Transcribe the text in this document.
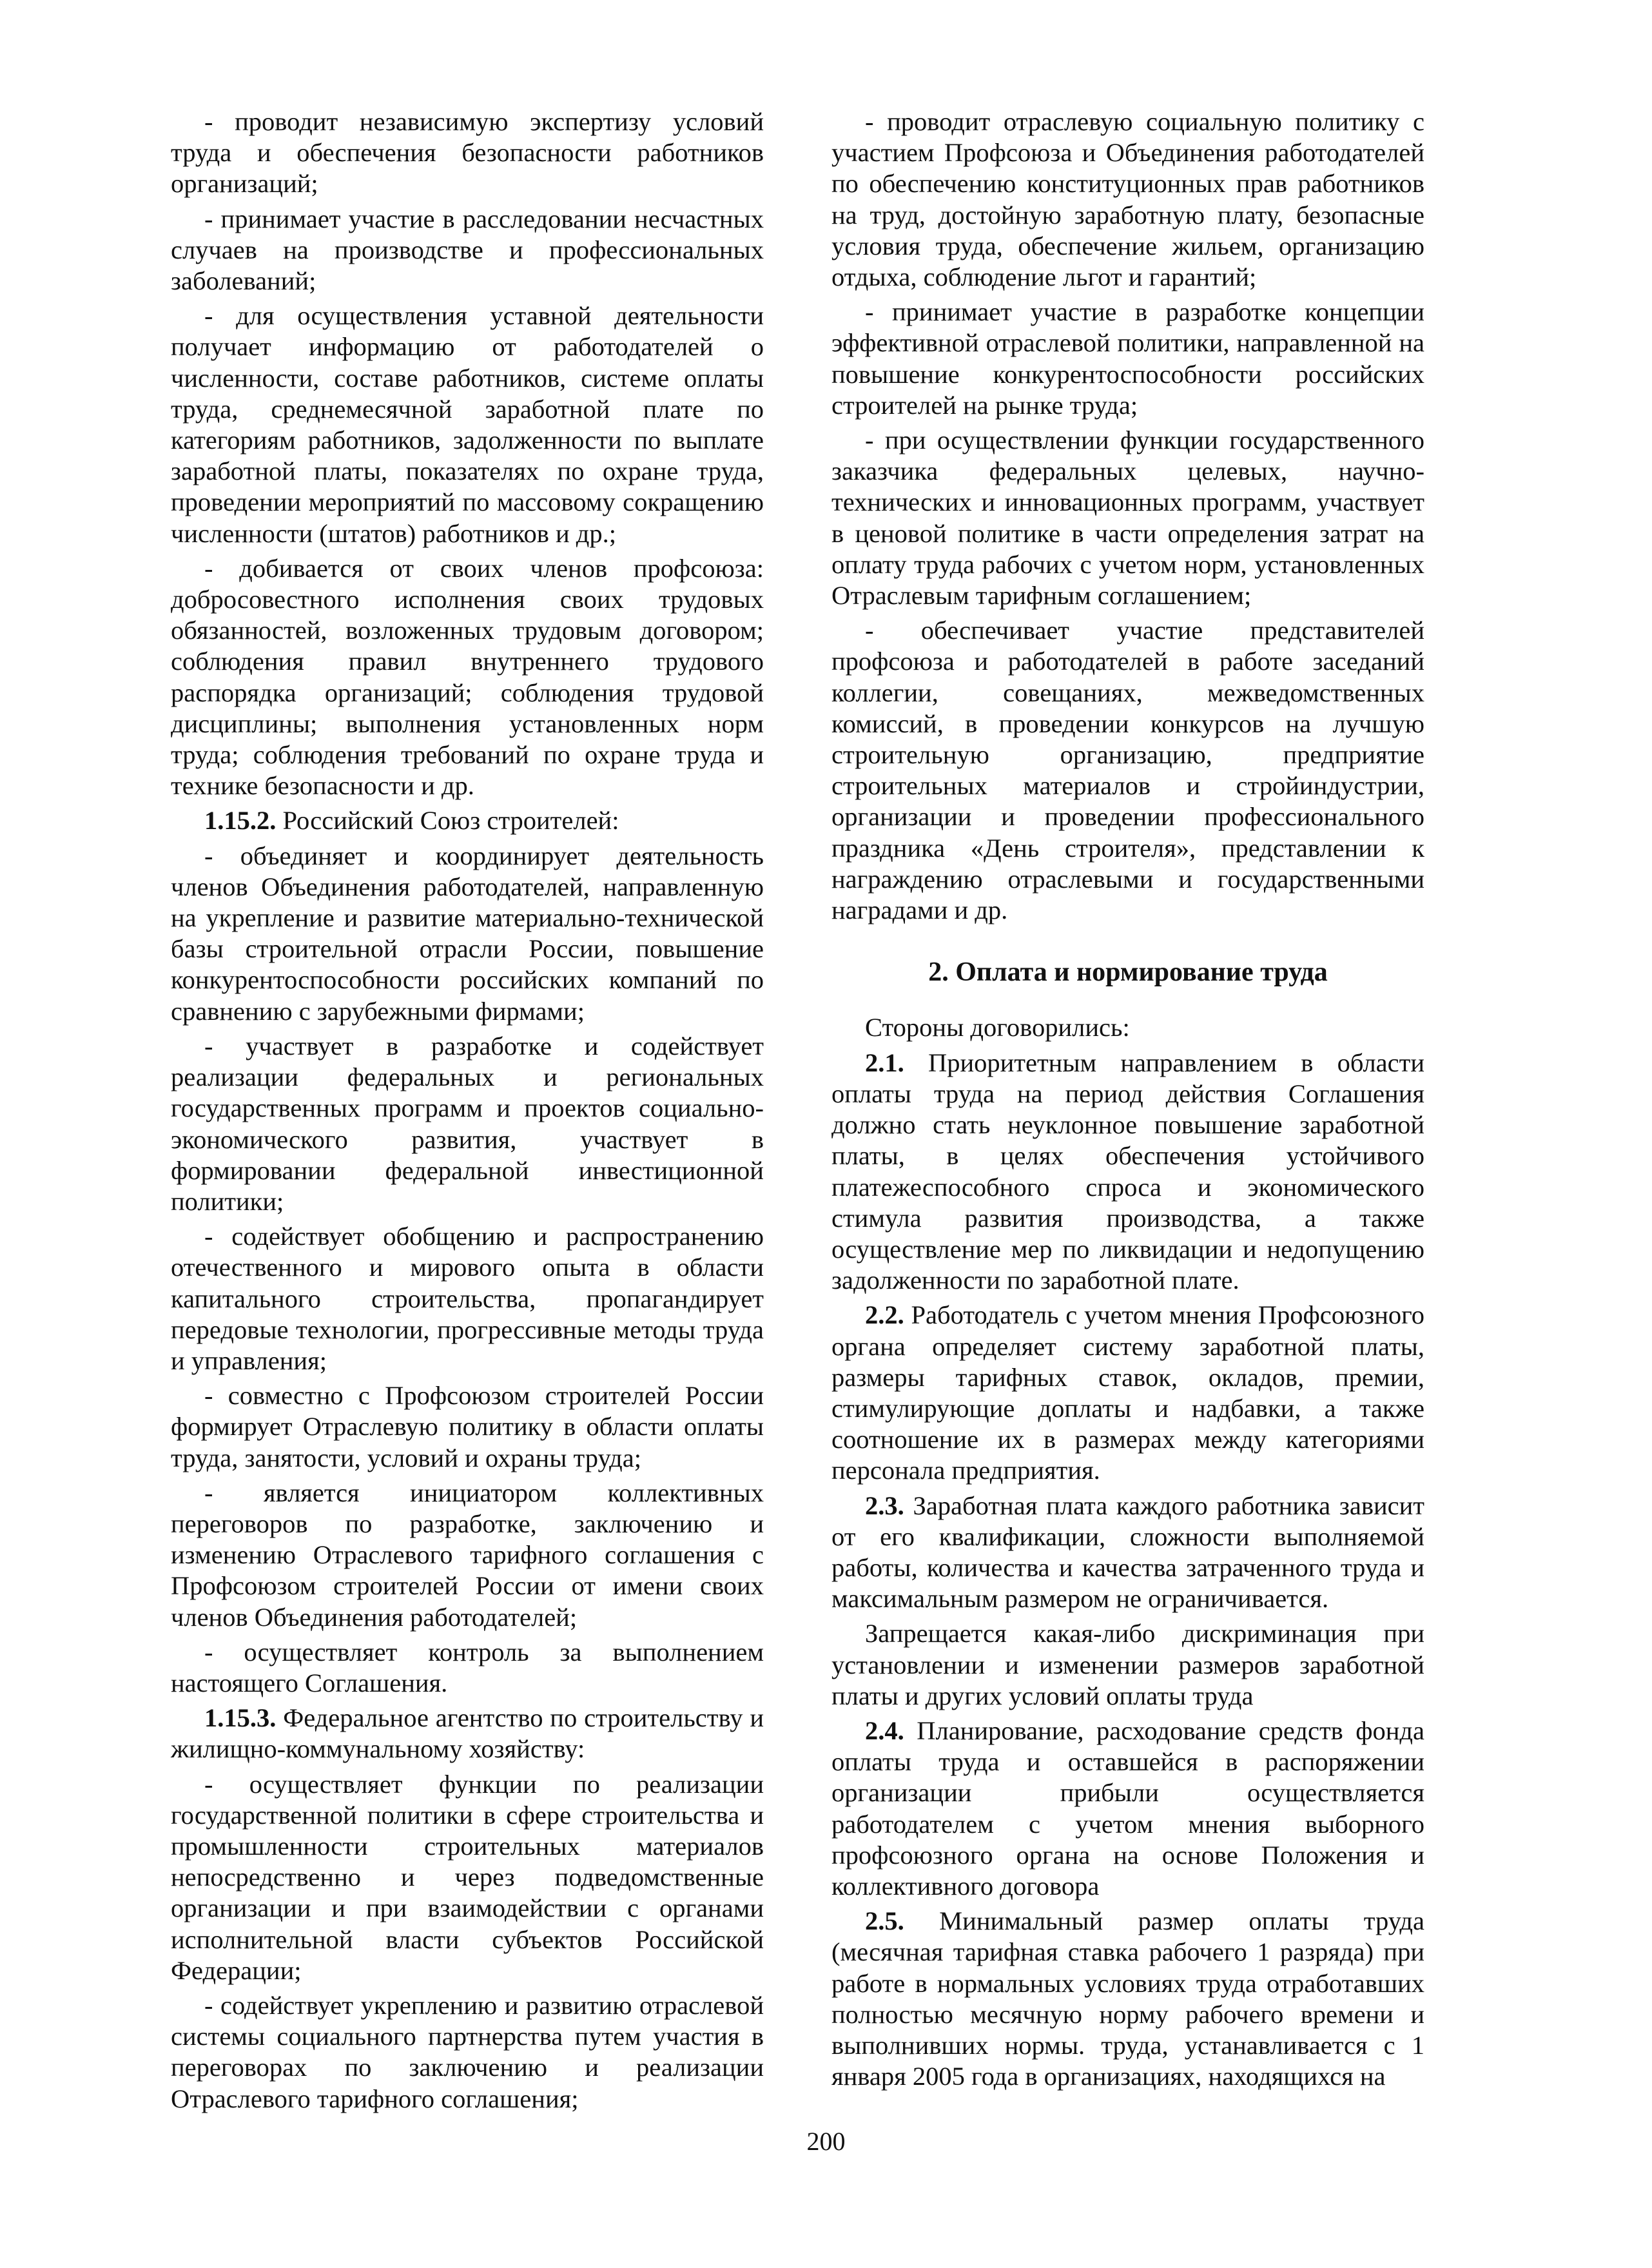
- проводит независимую экспертизу условий труда и обеспечения безопасности работников организаций;

- принимает участие в расследовании несчастных случаев на производстве и профессиональных заболеваний;

- для осуществления уставной деятельности получает информацию от работодателей о численности, составе работников, системе оплаты труда, среднемесячной заработной плате по категориям работников, задолженности по выплате заработной платы, показателях по охране труда, проведении мероприятий по массовому сокращению численности (штатов) работников и др.;

- добивается от своих членов профсоюза: добросовестного исполнения своих трудовых обязанностей, возложенных трудовым договором; соблюдения правил внутреннего трудового распорядка организаций; соблюдения трудовой дисциплины; выполнения установленных норм труда; соблюдения требований по охране труда и технике безопасности и др.

1.15.2. Российский Союз строителей:

- объединяет и координирует деятельность членов Объединения работодателей, направленную на укрепление и развитие материально-технической базы строительной отрасли России, повышение конкурентоспособности российских компаний по сравнению с зарубежными фирмами;

- участвует в разработке и содействует реализации федеральных и региональных государственных программ и проектов социально-экономического развития, участвует в формировании федеральной инвестиционной политики;

- содействует обобщению и распространению отечественного и мирового опыта в области капитального строительства, пропагандирует передовые технологии, прогрессивные методы труда и управления;

- совместно с Профсоюзом строителей России формирует Отраслевую политику в области оплаты труда, занятости, условий и охраны труда;

- является инициатором коллективных переговоров по разработке, заключению и изменению Отраслевого тарифного соглашения с Профсоюзом строителей России от имени своих членов Объединения работодателей;

- осуществляет контроль за выполнением настоящего Соглашения.

1.15.3. Федеральное агентство по строительству и жилищно-коммунальному хозяйству:

- осуществляет функции по реализации государственной политики в сфере строительства и промышленности строительных материалов непосредственно и через подведомственные организации и при взаимодействии с органами исполнительной власти субъектов Российской Федерации;

- содействует укреплению и развитию отраслевой системы социального партнерства путем участия в переговорах по заключению и реализации Отраслевого тарифного соглашения;

- проводит отраслевую социальную политику с участием Профсоюза и Объединения работодателей по обеспечению конституционных прав работников на труд, достойную заработную плату, безопасные условия труда, обеспечение жильем, организацию отдыха, соблюдение льгот и гарантий;

- принимает участие в разработке концепции эффективной отраслевой политики, направленной на повышение конкурентоспособности российских строителей на рынке труда;

- при осуществлении функции государственного заказчика федеральных целевых, научно-технических и инновационных программ, участвует в ценовой политике в части определения затрат на оплату труда рабочих с учетом норм, установленных Отраслевым тарифным соглашением;

- обеспечивает участие представителей профсоюза и работодателей в работе заседаний коллегии, совещаниях, межведомственных комиссий, в проведении конкурсов на лучшую строительную организацию, предприятие строительных материалов и стройиндустрии, организации и проведении профессионального праздника «День строителя», представлении к награждению отраслевыми и государственными наградами и др.

2. Оплата и нормирование труда

Стороны договорились:

2.1. Приоритетным направлением в области оплаты труда на период действия Соглашения должно стать неуклонное повышение заработной платы, в целях обеспечения устойчивого платежеспособного спроса и экономического стимула развития производства, а также осуществление мер по ликвидации и недопущению задолженности по заработной плате.

2.2. Работодатель с учетом мнения Профсоюзного органа определяет систему заработной платы, размеры тарифных ставок, окладов, премии, стимулирующие доплаты и надбавки, а также соотношение их в размерах между категориями персонала предприятия.

2.3. Заработная плата каждого работника зависит от его квалификации, сложности выполняемой работы, количества и качества затраченного труда и максимальным размером не ограничивается.

Запрещается какая-либо дискриминация при установлении и изменении размеров заработной платы и других условий оплаты труда

2.4. Планирование, расходование средств фонда оплаты труда и оставшейся в распоряжении организации прибыли осуществляется работодателем с учетом мнения выборного профсоюзного органа на основе Положения и коллективного договора

2.5. Минимальный размер оплаты труда (месячная тарифная ставка рабочего 1 разряда) при работе в нормальных условиях труда отработавших полностью месячную норму рабочего времени и выполнивших нормы. труда, устанавливается с 1 января 2005 года в организациях, находящихся на

200
